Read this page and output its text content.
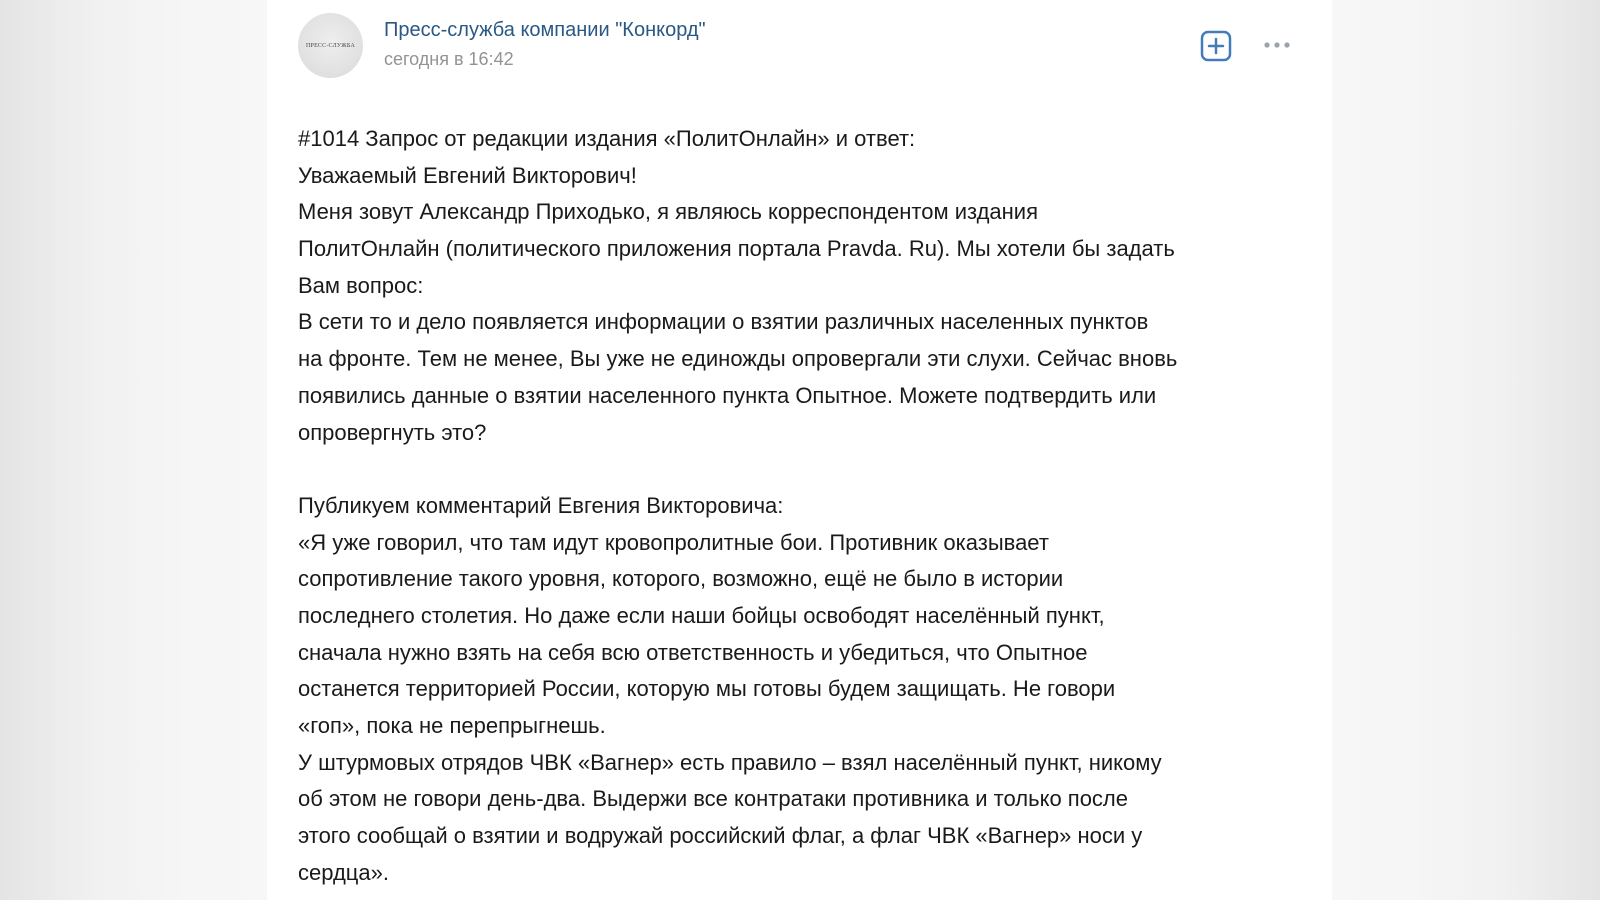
ПРЕСС-СЛУЖБА
Пресс-служба компании "Конкорд"
сегодня в 16:42
#1014 Запрос от редакции издания «ПолитОнлайн» и ответ:
Уважаемый Евгений Викторович!
Меня зовут Александр Приходько, я являюсь корреспондентом издания
ПолитОнлайн (политического приложения портала Pravda. Ru). Мы хотели бы задать
Вам вопрос:
В сети то и дело появляется информации о взятии различных населенных пунктов
на фронте. Тем не менее, Вы уже не единожды опровергали эти слухи. Сейчас вновь
появились данные о взятии населенного пункта Опытное. Можете подтвердить или
опровергнуть это?
Публикуем комментарий Евгения Викторовича:
«Я уже говорил, что там идут кровопролитные бои. Противник оказывает
сопротивление такого уровня, которого, возможно, ещё не было в истории
последнего столетия. Но даже если наши бойцы освободят населённый пункт,
сначала нужно взять на себя всю ответственность и убедиться, что Опытное
останется территорией России, которую мы готовы будем защищать. Не говори
«гоп», пока не перепрыгнешь.
У штурмовых отрядов ЧВК «Вагнер» есть правило – взял населённый пункт, никому
об этом не говори день-два. Выдержи все контратаки противника и только после
этого сообщай о взятии и водружай российский флаг, а флаг ЧВК «Вагнер» носи у
сердца».
